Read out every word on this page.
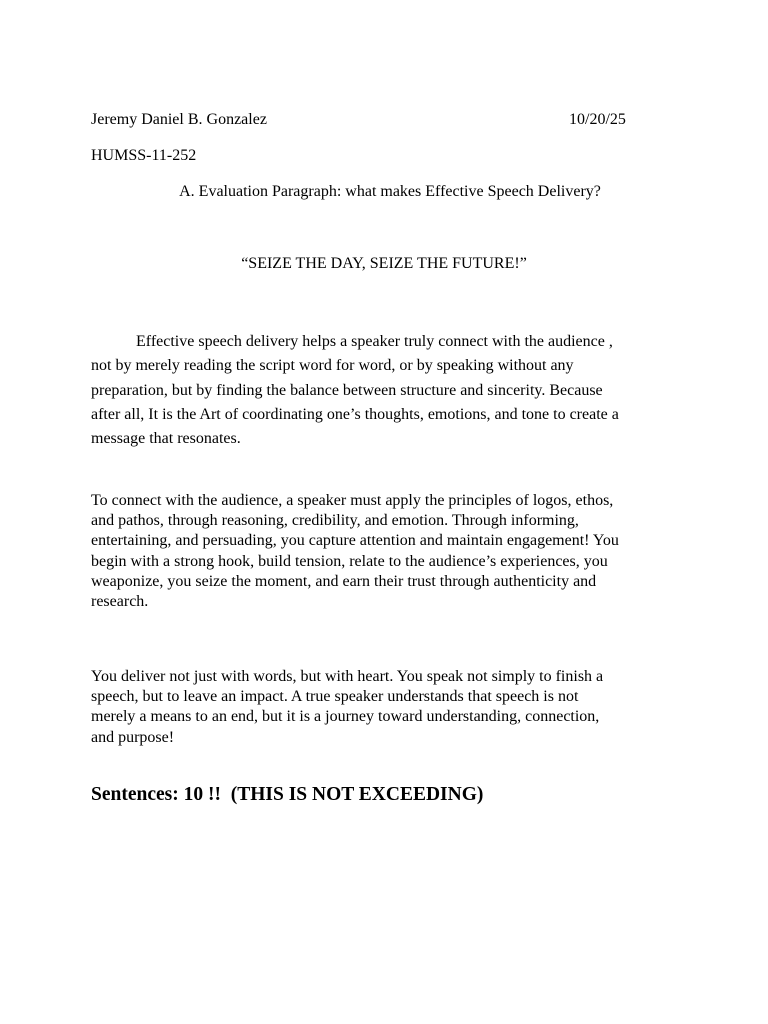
Jeremy Daniel B. Gonzalez	10/20/25
HUMSS-11-252
A. Evaluation Paragraph: what makes Effective Speech Delivery?
“SEIZE THE DAY, SEIZE THE FUTURE!”

Effective speech delivery helps a speaker truly connect with the audience ,
not by merely reading the script word for word, or by speaking without any
preparation, but by finding the balance between structure and sincerity. Because
after all, It is the Art of coordinating one’s thoughts, emotions, and tone to create a
message that resonates.

To connect with the audience, a speaker must apply the principles of logos, ethos,
and pathos, through reasoning, credibility, and emotion. Through informing,
entertaining, and persuading, you capture attention and maintain engagement! You
begin with a strong hook, build tension, relate to the audience’s experiences, you
weaponize, you seize the moment, and earn their trust through authenticity and
research.

You deliver not just with words, but with heart. You speak not simply to finish a
speech, but to leave an impact. A true speaker understands that speech is not
merely a means to an end, but it is a journey toward understanding, connection,
and purpose!

Sentences: 10 !!  (THIS IS NOT EXCEEDING)
